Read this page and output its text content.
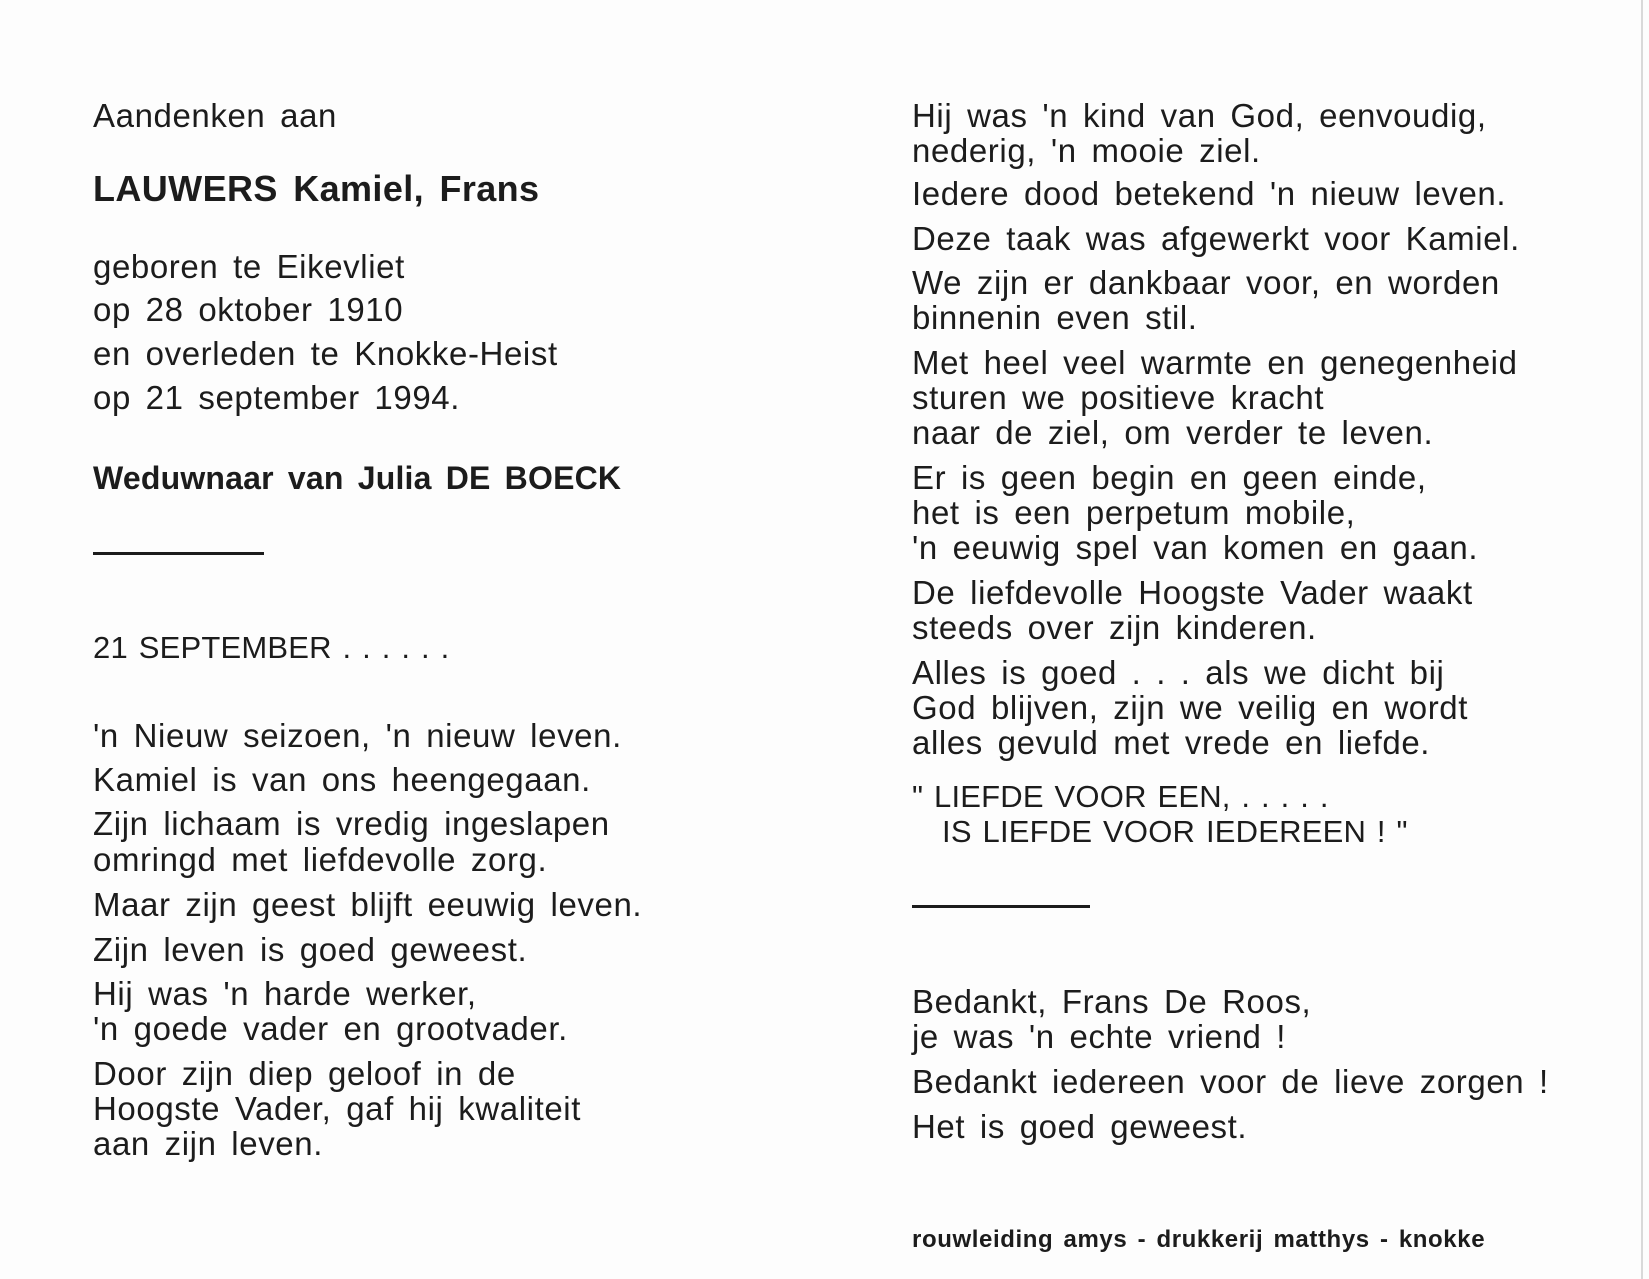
Aandenken aan
LAUWERS Kamiel, Frans
geboren te Eikevliet
op 28 oktober 1910
en overleden te Knokke-Heist
op 21 september 1994.
Weduwnaar van Julia DE BOECK
21 SEPTEMBER . . . . . .
'n Nieuw seizoen, 'n nieuw leven.
Kamiel is van ons heengegaan.
Zijn lichaam is vredig ingeslapen
omringd met liefdevolle zorg.
Maar zijn geest blijft eeuwig leven.
Zijn leven is goed geweest.
Hij was 'n harde werker,
'n goede vader en grootvader.
Door zijn diep geloof in de
Hoogste Vader, gaf hij kwaliteit
aan zijn leven.
Hij was 'n kind van God, eenvoudig,
nederig, 'n mooie ziel.
Iedere dood betekend 'n nieuw leven.
Deze taak was afgewerkt voor Kamiel.
We zijn er dankbaar voor, en worden
binnenin even stil.
Met heel veel warmte en genegenheid
sturen we positieve kracht
naar de ziel, om verder te leven.
Er is geen begin en geen einde,
het is een perpetum mobile,
'n eeuwig spel van komen en gaan.
De liefdevolle Hoogste Vader waakt
steeds over zijn kinderen.
Alles is goed . . . als we dicht bij
God blijven, zijn we veilig en wordt
alles gevuld met vrede en liefde.
" LIEFDE VOOR EEN, . . . . .
IS LIEFDE VOOR IEDEREEN ! "
Bedankt, Frans De Roos,
je was 'n echte vriend !
Bedankt iedereen voor de lieve zorgen !
Het is goed geweest.
rouwleiding amys - drukkerij matthys - knokke
